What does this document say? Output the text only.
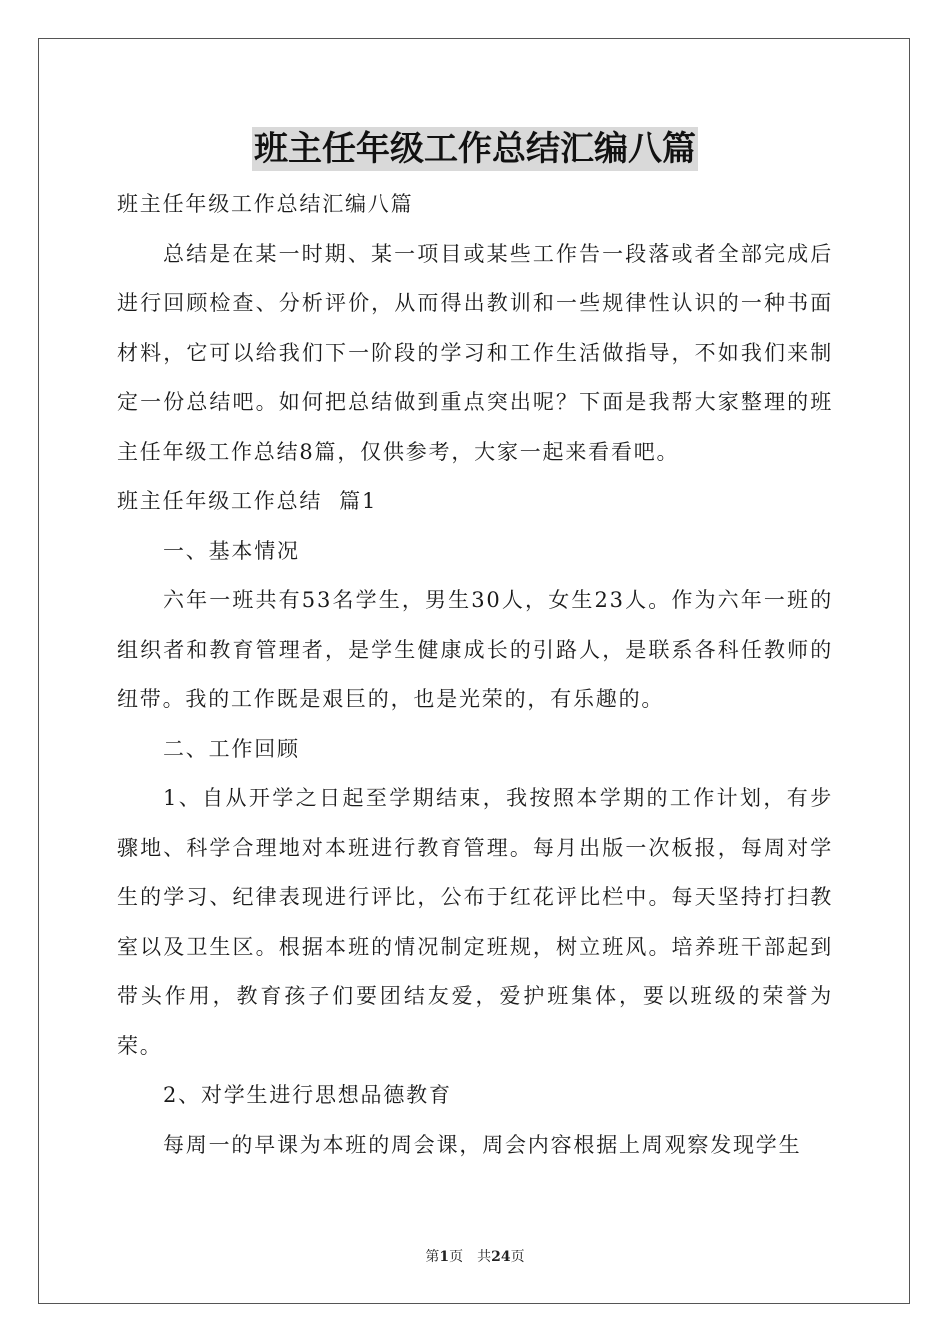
班主任年级工作总结汇编八篇

班主任年级工作总结汇编八篇

总结是在某一时期、某一项目或某些工作告一段落或者全部完成后进行回顾检查、分析评价，从而得出教训和一些规律性认识的一种书面材料，它可以给我们下一阶段的学习和工作生活做指导，不如我们来制定一份总结吧。如何把总结做到重点突出呢？下面是我帮大家整理的班主任年级工作总结8篇，仅供参考，大家一起来看看吧。

班主任年级工作总结  篇1

一、基本情况

六年一班共有53名学生，男生30人，女生23人。作为六年一班的组织者和教育管理者，是学生健康成长的引路人，是联系各科任教师的纽带。我的工作既是艰巨的，也是光荣的，有乐趣的。

二、工作回顾

1、自从开学之日起至学期结束，我按照本学期的工作计划，有步骤地、科学合理地对本班进行教育管理。每月出版一次板报，每周对学生的学习、纪律表现进行评比，公布于红花评比栏中。每天坚持打扫教室以及卫生区。根据本班的情况制定班规，树立班风。培养班干部起到带头作用，教育孩子们要团结友爱，爱护班集体，要以班级的荣誉为荣。

2、对学生进行思想品德教育

每周一的早课为本班的周会课，周会内容根据上周观察发现学生

第1页　共24页
